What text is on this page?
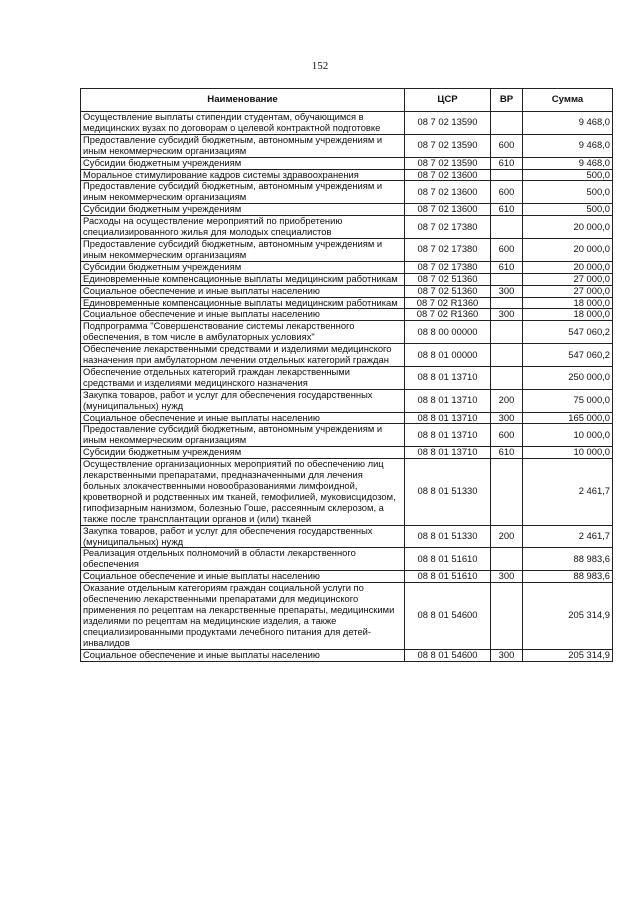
152
Наименование	ЦСР	ВР	Сумма
Осуществление выплаты стипендии студентам, обучающимся в медицинских вузах по договорам о целевой контрактной подготовке	08 7 02 13590		9 468,0
Предоставление субсидий бюджетным, автономным учреждениям и иным некоммерческим организациям	08 7 02 13590	600	9 468,0
Субсидии бюджетным учреждениям	08 7 02 13590	610	9 468,0
Моральное стимулирование кадров системы здравоохранения	08 7 02 13600		500,0
Предоставление субсидий бюджетным, автономным учреждениям и иным некоммерческим организациям	08 7 02 13600	600	500,0
Субсидии бюджетным учреждениям	08 7 02 13600	610	500,0
Расходы на осуществление мероприятий по приобретению специализированного жилья для молодых специалистов	08 7 02 17380		20 000,0
Предоставление субсидий бюджетным, автономным учреждениям и иным некоммерческим организациям	08 7 02 17380	600	20 000,0
Субсидии бюджетным учреждениям	08 7 02 17380	610	20 000,0
Единовременные компенсационные выплаты медицинским работникам	08 7 02 51360		27 000,0
Социальное обеспечение и иные выплаты населению	08 7 02 51360	300	27 000,0
Единовременные компенсационные выплаты медицинским работникам	08 7 02 R1360		18 000,0
Социальное обеспечение и иные выплаты населению	08 7 02 R1360	300	18 000,0
Подпрограмма "Совершенствование системы лекарственного обеспечения, в том числе в амбулаторных условиях"	08 8 00 00000		547 060,2
Обеспечение лекарственными средствами и изделиями медицинского назначения при амбулаторном лечении отдельных категорий граждан	08 8 01 00000		547 060,2
Обеспечение отдельных категорий граждан лекарственными средствами и изделиями медицинского назначения	08 8 01 13710		250 000,0
Закупка товаров, работ и услуг для обеспечения государственных (муниципальных) нужд	08 8 01 13710	200	75 000,0
Социальное обеспечение и иные выплаты населению	08 8 01 13710	300	165 000,0
Предоставление субсидий бюджетным, автономным учреждениям и иным некоммерческим организациям	08 8 01 13710	600	10 000,0
Субсидии бюджетным учреждениям	08 8 01 13710	610	10 000,0
Осуществление организационных мероприятий по обеспечению лиц лекарственными препаратами, предназначенными для лечения больных злокачественными новообразованиями лимфоидной, кроветворной и родственных им тканей, гемофилией, муковисцидозом, гипофизарным нанизмом, болезнью Гоше, рассеянным склерозом, а также после трансплантации органов и (или) тканей	08 8 01 51330		2 461,7
Закупка товаров, работ и услуг для обеспечения государственных (муниципальных) нужд	08 8 01 51330	200	2 461,7
Реализация отдельных полномочий в области лекарственного обеспечения	08 8 01 51610		88 983,6
Социальное обеспечение и иные выплаты населению	08 8 01 51610	300	88 983,6
Оказание отдельным категориям граждан социальной услуги по обеспечению лекарственными препаратами для медицинского применения по рецептам на лекарственные препараты, медицинскими изделиями по рецептам на медицинские изделия, а также специализированными продуктами лечебного питания для детей-инвалидов	08 8 01 54600		205 314,9
Социальное обеспечение и иные выплаты населению	08 8 01 54600	300	205 314,9
